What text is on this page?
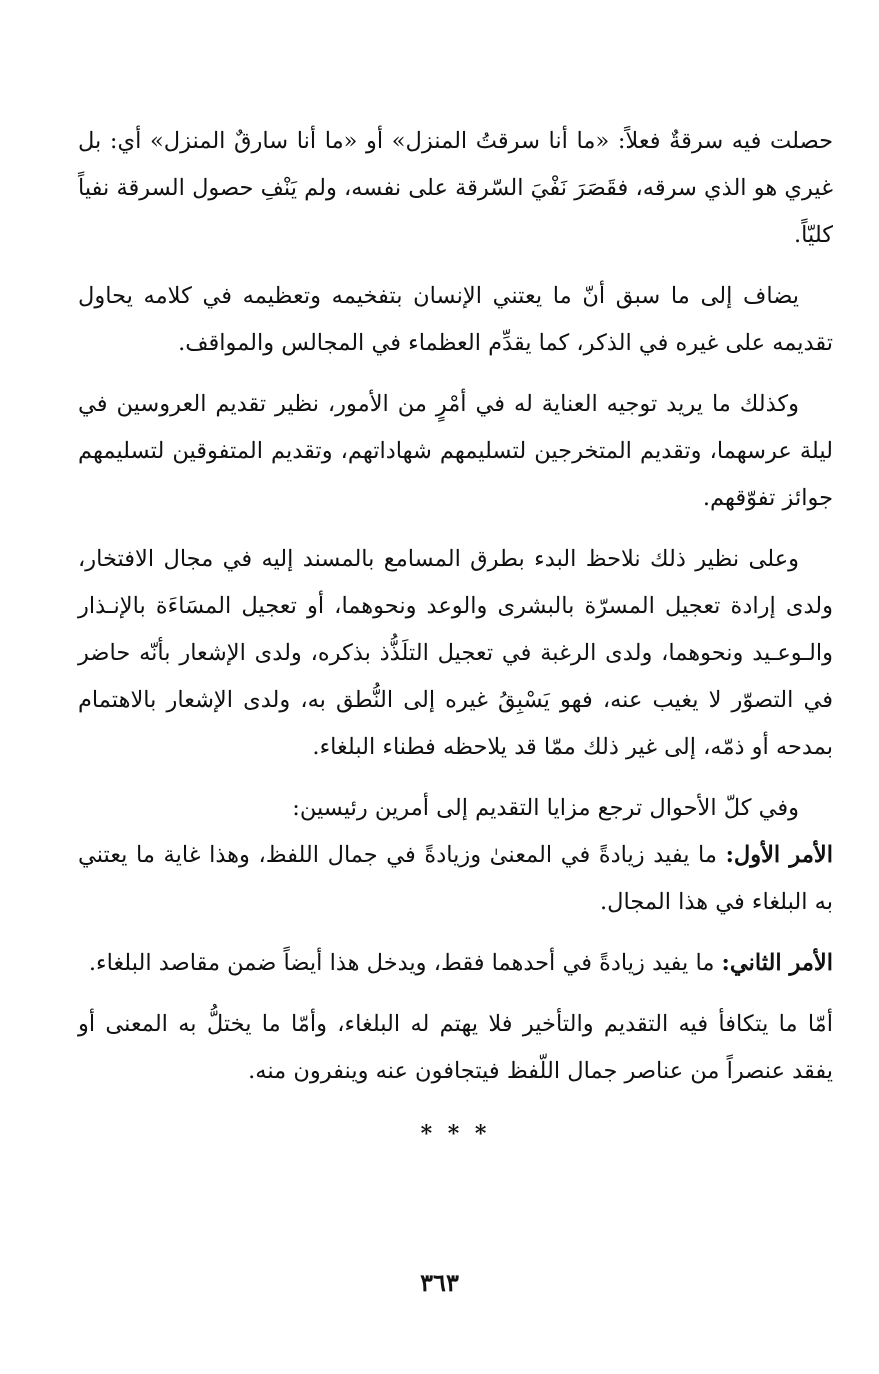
حصلت فيه سرقةٌ فعلاً: «ما أنا سرقتُ المنزل» أو «ما أنا سارقٌ المنزل» أي: بل غيري هو الذي سرقه، فقَصَرَ نَفْيَ السّرقة على نفسه، ولم يَنْفِ حصول السرقة نفياً كليّاً.

يضاف إلى ما سبق أنّ ما يعتني الإنسان بتفخيمه وتعظيمه في كلامه يحاول تقديمه على غيره في الذكر، كما يقدِّم العظماء في المجالس والمواقف.

وكذلك ما يريد توجيه العناية له في أمْرٍ من الأمور، نظير تقديم العروسين في ليلة عرسهما، وتقديم المتخرجين لتسليمهم شهاداتهم، وتقديم المتفوقين لتسليمهم جوائز تفوّقهم.

وعلى نظير ذلك نلاحظ البدء بطرق المسامع بالمسند إليه في مجال الافتخار، ولدى إرادة تعجيل المسرّة بالبشرى والوعد ونحوهما، أو تعجيل المسَاءَة بالإنـذار والـوعـيد ونحوهما، ولدى الرغبة في تعجيل التلَذُّذ بذكره، ولدى الإشعار بأنّه حاضر في التصوّر لا يغيب عنه، فهو يَسْبِقُ غيره إلى النُّطق به، ولدى الإشعار بالاهتمام بمدحه أو ذمّه، إلى غير ذلك ممّا قد يلاحظه فطناء البلغاء.

وفي كلّ الأحوال ترجع مزايا التقديم إلى أمرين رئيسين:

الأمر الأول: ما يفيد زيادةً في المعنىٰ وزيادةً في جمال اللفظ، وهذا غاية ما يعتني به البلغاء في هذا المجال.

الأمر الثاني: ما يفيد زيادةً في أحدهما فقط، ويدخل هذا أيضاً ضمن مقاصد البلغاء.

أمّا ما يتكافأ فيه التقديم والتأخير فلا يهتم له البلغاء، وأمّا ما يختلُّ به المعنى أو يفقد عنصراً من عناصر جمال اللّفظ فيتجافون عنه وينفرون منه.

* * *
٣٦٣
